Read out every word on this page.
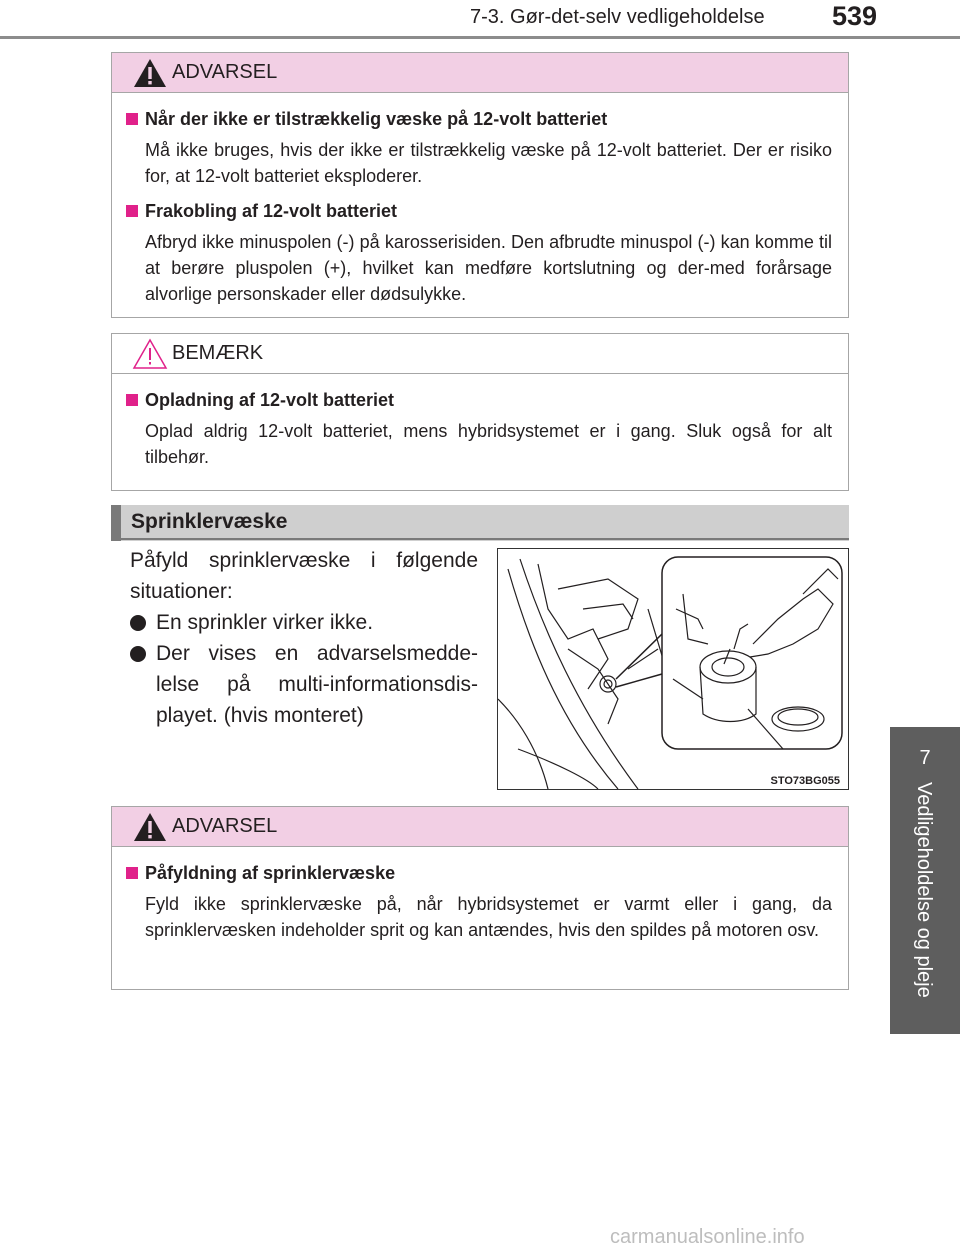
7-3. Gør-det-selv vedligeholdelse 539
7
Vedligeholdelse og pleje
ADVARSEL
Når der ikke er tilstrækkelig væske på 12-volt batteriet
Må ikke bruges, hvis der ikke er tilstrækkelig væske på 12-volt batteriet. Der er risiko for, at 12-volt batteriet eksploderer.
Frakobling af 12-volt batteriet
Afbryd ikke minuspolen (-) på karosserisiden. Den afbrudte minuspol (-) kan komme til at berøre pluspolen (+), hvilket kan medføre kortslutning og der-med forårsage alvorlige personskader eller dødsulykke.
BEMÆRK
Opladning af 12-volt batteriet
Oplad aldrig 12-volt batteriet, mens hybridsystemet er i gang. Sluk også for alt tilbehør.
Sprinklervæske
Påfyld sprinklervæske i følgende situationer:
En sprinkler virker ikke.
Der vises en advarselsmedde-lelse på multi-informationsdis-playet. (hvis monteret)
STO73BG055
ADVARSEL
Påfyldning af sprinklervæske
Fyld ikke sprinklervæske på, når hybridsystemet er varmt eller i gang, da sprinklervæsken indeholder sprit og kan antændes, hvis den spildes på motoren osv.
carmanualsonline.info
